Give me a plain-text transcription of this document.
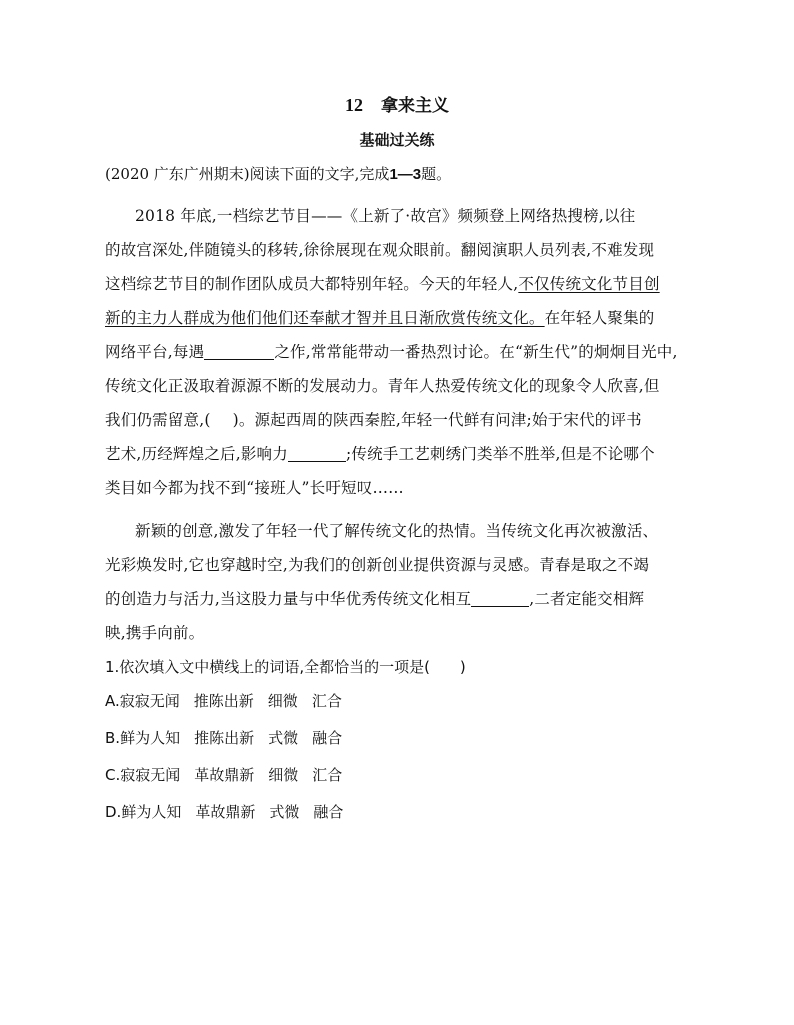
12 拿来主义
基础过关练
(2020 广东广州期末)阅读下面的文字,完成1—3题。
2018 年底,一档综艺节目——《上新了·故宫》频频登上网络热搜榜,以往
的故宫深处,伴随镜头的移转,徐徐展现在观众眼前。翻阅演职人员列表,不难发现
这档综艺节目的制作团队成员大都特别年轻。今天的年轻人,不仅传统文化节目创
新的主力人群成为他们他们还奉献才智并且日渐欣赏传统文化。在年轻人聚集的
网络平台,每遇	之作,常常能带动一番热烈讨论。在“新生代”的炯炯目光中,
传统文化正汲取着源源不断的发展动力。青年人热爱传统文化的现象令人欣喜,但
我们仍需留意,( )。源起西周的陕西秦腔,年轻一代鲜有问津;始于宋代的评书
艺术,历经辉煌之后,影响力	;传统手工艺刺绣门类举不胜举,但是不论哪个
类目如今都为找不到“接班人”长吁短叹……
新颖的创意,激发了年轻一代了解传统文化的热情。当传统文化再次被激活、
光彩焕发时,它也穿越时空,为我们的创新创业提供资源与灵感。青春是取之不竭
的创造力与活力,当这股力量与中华优秀传统文化相互	,二者定能交相辉
映,携手向前。
1.依次填入文中横线上的词语,全都恰当的一项是(　　)
A.寂寂无闻 推陈出新 细微 汇合
B.鲜为人知 推陈出新 式微 融合
C.寂寂无闻 革故鼎新 细微 汇合
D.鲜为人知 革故鼎新 式微 融合
